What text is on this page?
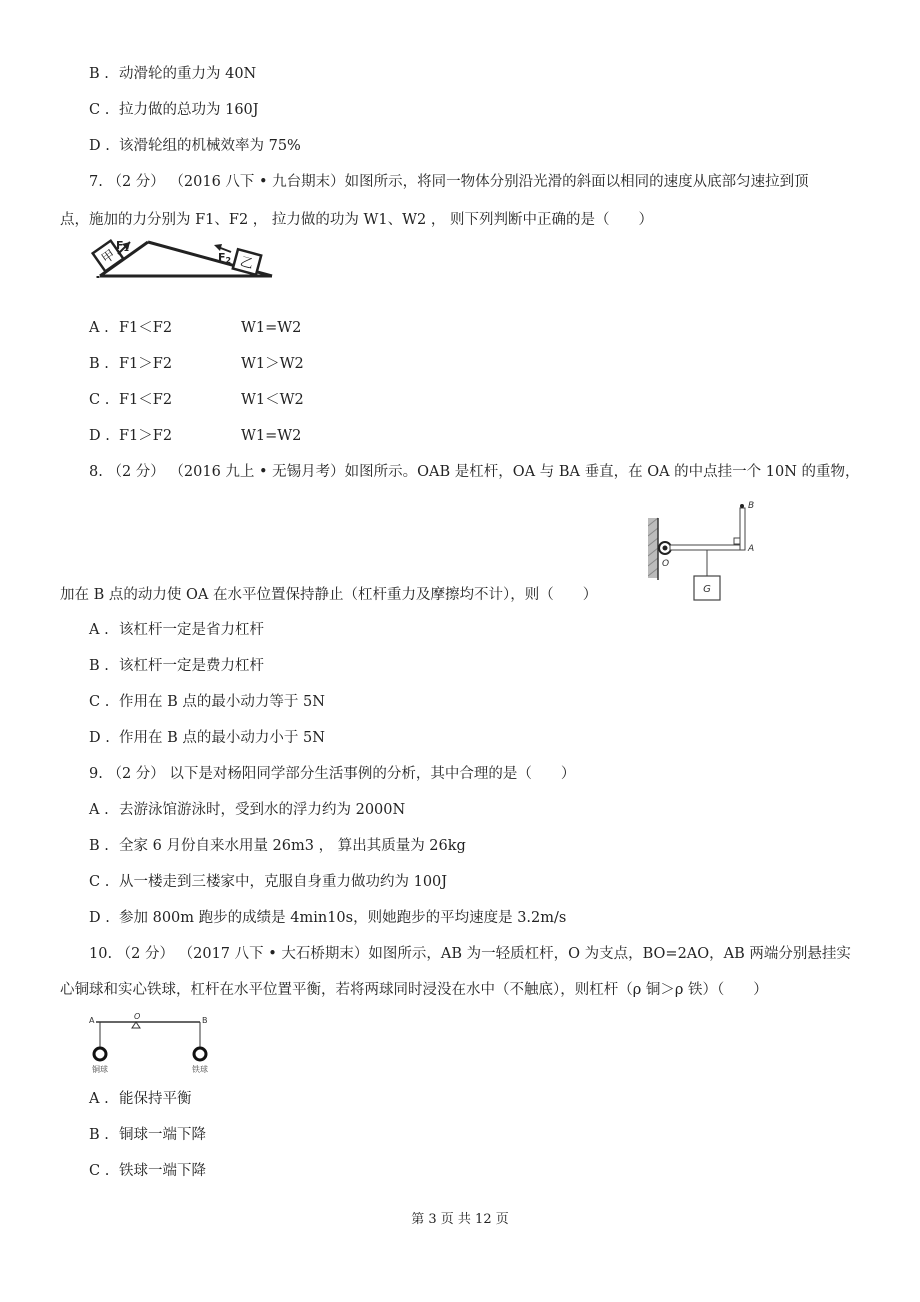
B . 动滑轮的重力为 40N
C . 拉力做的总功为 160J
D . 该滑轮组的机械效率为 75%
7. （2 分） （2016 八下 • 九台期末）如图所示，将同一物体分别沿光滑的斜面以相同的速度从底部匀速拉到顶
点，施加的力分别为 F1、F2 ， 拉力做的功为 W1、W2 ， 则下列判断中正确的是（　　）
甲	乙
F1
F2
A . F1＜F2	W1=W2
B . F1＞F2	W1＞W2
C . F1＜F2	W1＜W2
D . F1＞F2	W1=W2
8. （2 分） （2016 九上 • 无锡月考）如图所示。OAB 是杠杆，OA 与 BA 垂直，在 OA 的中点挂一个 10N 的重物，
B
A
O
G
加在 B 点的动力使 OA 在水平位置保持静止（杠杆重力及摩擦均不计），则（　　）
A . 该杠杆一定是省力杠杆
B . 该杠杆一定是费力杠杆
C . 作用在 B 点的最小动力等于 5N
D . 作用在 B 点的最小动力小于 5N
9. （2 分） 以下是对杨阳同学部分生活事例的分析，其中合理的是（　　）
A . 去游泳馆游泳时，受到水的浮力约为 2000N
B . 全家 6 月份自来水用量 26m3 ， 算出其质量为 26kg
C . 从一楼走到三楼家中，克服自身重力做功约为 100J
D . 参加 800m 跑步的成绩是 4min10s，则她跑步的平均速度是 3.2m/s
10. （2 分） （2017 八下 • 大石桥期末）如图所示，AB 为一轻质杠杆，O 为支点，BO=2AO，AB 两端分别悬挂实
心铜球和实心铁球，杠杆在水平位置平衡，若将两球同时浸没在水中（不触底），则杠杆（ρ 铜＞ρ 铁）（　　）
A	O	B
铜球	铁球
A . 能保持平衡
B . 铜球一端下降
C . 铁球一端下降
第 3 页 共 12 页
